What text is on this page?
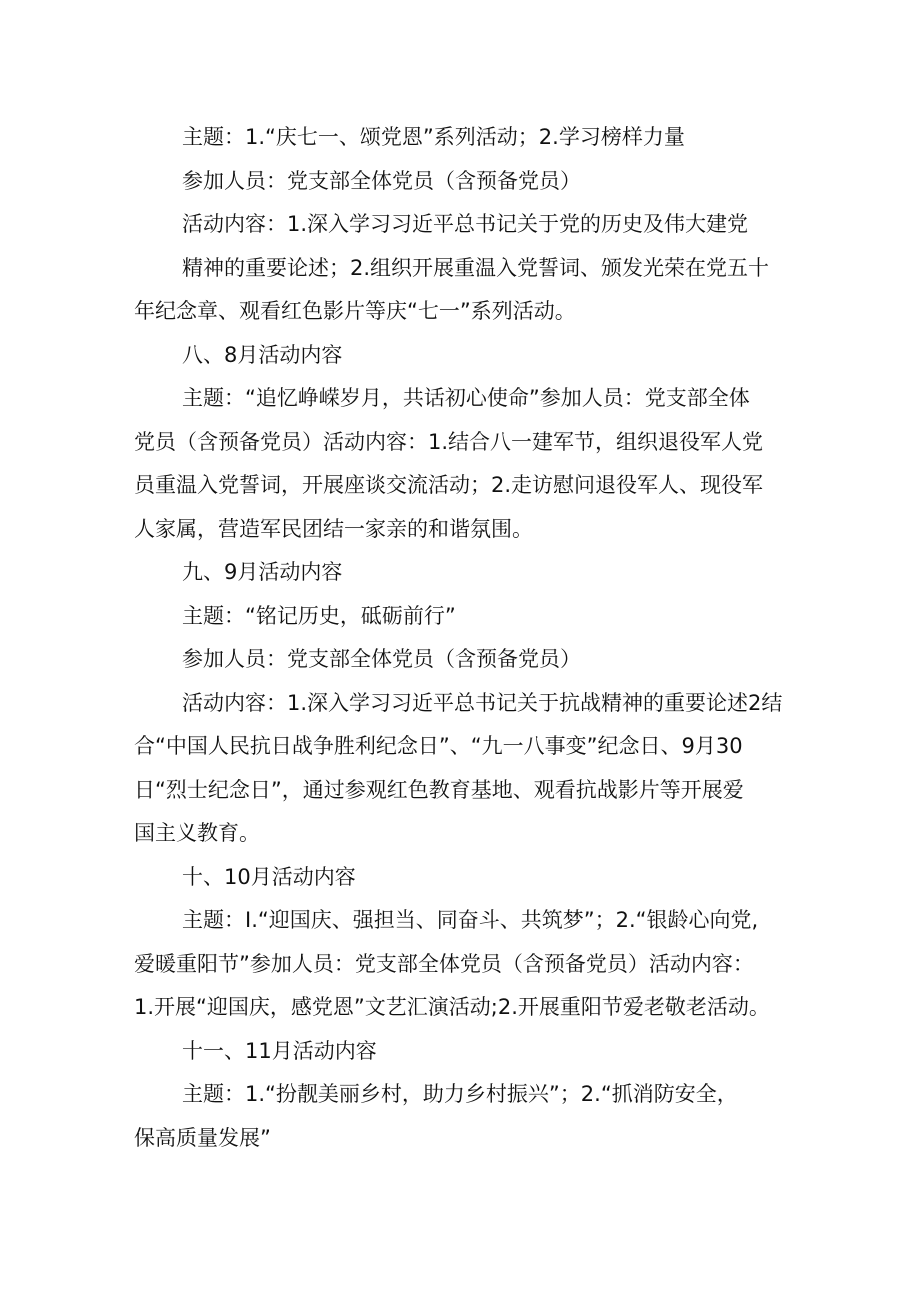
主题：1.“庆七一、颂党恩”系列活动；2.学习榜样力量
参加人员：党支部全体党员（含预备党员）
活动内容：1.深入学习习近平总书记关于党的历史及伟大建党
精神的重要论述；2.组织开展重温入党誓词、颁发光荣在党五十
年纪念章、观看红色影片等庆“七一”系列活动。
八、8月活动内容
主题：“追忆峥嵘岁月，共话初心使命”参加人员：党支部全体
党员（含预备党员）活动内容：1.结合八一建军节，组织退役军人党
员重温入党誓词，开展座谈交流活动；2.走访慰问退役军人、现役军
人家属，营造军民团结一家亲的和谐氛围。
九、9月活动内容
主题：“铭记历史，砥砺前行”
参加人员：党支部全体党员（含预备党员）
活动内容：1.深入学习习近平总书记关于抗战精神的重要论述2结
合“中国人民抗日战争胜利纪念日”、“九一八事变”纪念日、9月30
日“烈士纪念日”，通过参观红色教育基地、观看抗战影片等开展爱
国主义教育。
十、10月活动内容
主题：I.“迎国庆、强担当、同奋斗、共筑梦”；2.“银龄心向党,
爱暖重阳节”参加人员：党支部全体党员（含预备党员）活动内容：
1.开展“迎国庆，感党恩”文艺汇演活动;2.开展重阳节爱老敬老活动。
十一、11月活动内容
主题：1.“扮靓美丽乡村，助力乡村振兴”；2.“抓消防安全，
保高质量发展”
